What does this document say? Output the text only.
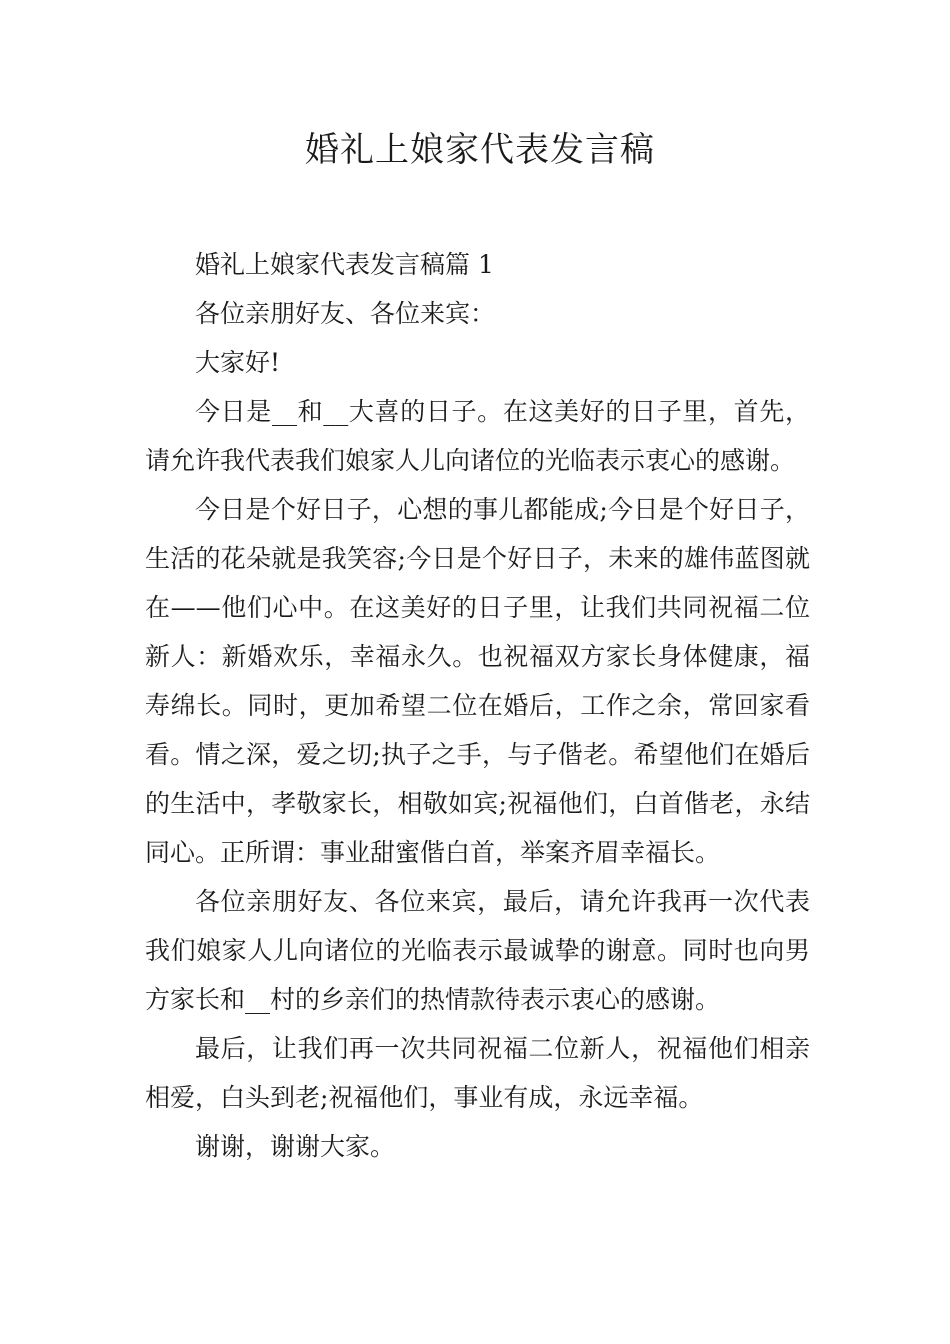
婚礼上娘家代表发言稿

婚礼上娘家代表发言稿篇 1

各位亲朋好友、各位来宾：

大家好!

今日是__和__大喜的日子。在这美好的日子里，首先，请允许我代表我们娘家人儿向诸位的光临表示衷心的感谢。

今日是个好日子，心想的事儿都能成;今日是个好日子，生活的花朵就是我笑容;今日是个好日子，未来的雄伟蓝图就在——他们心中。在这美好的日子里，让我们共同祝福二位新人：新婚欢乐，幸福永久。也祝福双方家长身体健康，福寿绵长。同时，更加希望二位在婚后，工作之余，常回家看看。情之深，爱之切;执子之手，与子偕老。希望他们在婚后的生活中，孝敬家长，相敬如宾;祝福他们，白首偕老，永结同心。正所谓：事业甜蜜偕白首，举案齐眉幸福长。

各位亲朋好友、各位来宾，最后，请允许我再一次代表我们娘家人儿向诸位的光临表示最诚挚的谢意。同时也向男方家长和__村的乡亲们的热情款待表示衷心的感谢。

最后，让我们再一次共同祝福二位新人，祝福他们相亲相爱，白头到老;祝福他们，事业有成，永远幸福。

谢谢，谢谢大家。
